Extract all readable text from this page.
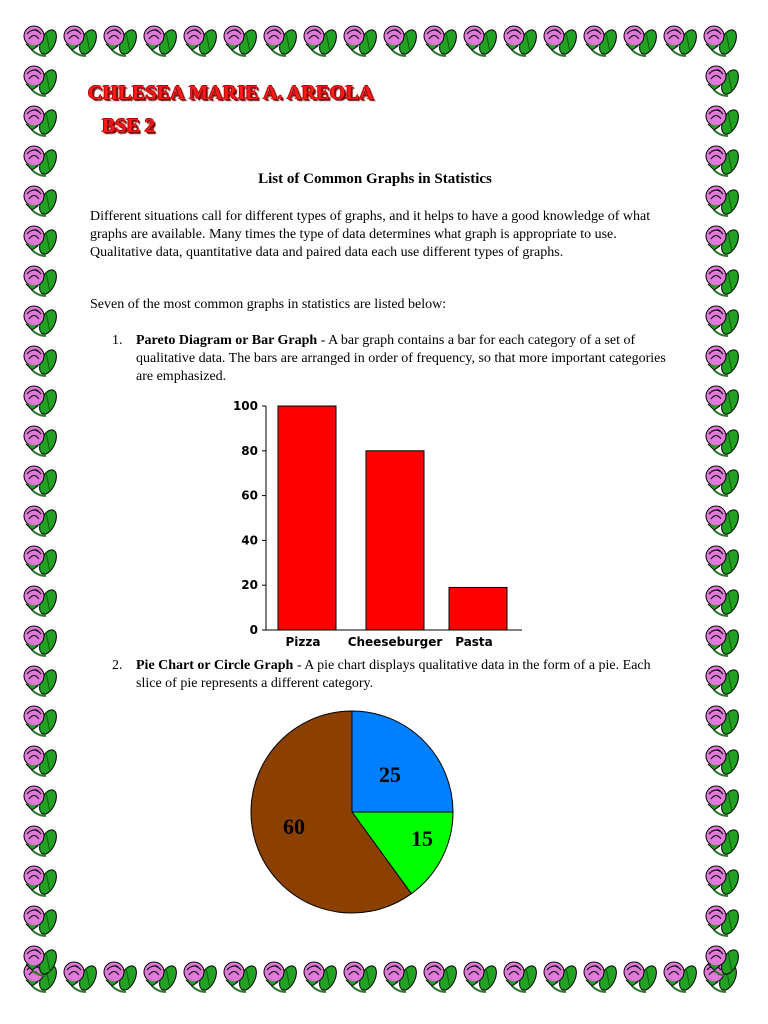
CHLESEA MARIE A. AREOLA
BSE 2
List of Common Graphs in Statistics
Different situations call for different types of graphs, and it helps to have a good knowledge of what graphs are available. Many times the type of data determines what graph is appropriate to use. Qualitative data, quantitative data and paired data each use different types of graphs.
Seven of the most common graphs in statistics are listed below:
1. Pareto Diagram or Bar Graph - A bar graph contains a bar for each category of a set of qualitative data. The bars are arranged in order of frequency, so that more important categories are emphasized.
0
20
40
60
80
100
Pizza Cheeseburger Pasta
2. Pie Chart or Circle Graph - A pie chart displays qualitative data in the form of a pie. Each slice of pie represents a different category.
25
15
60
